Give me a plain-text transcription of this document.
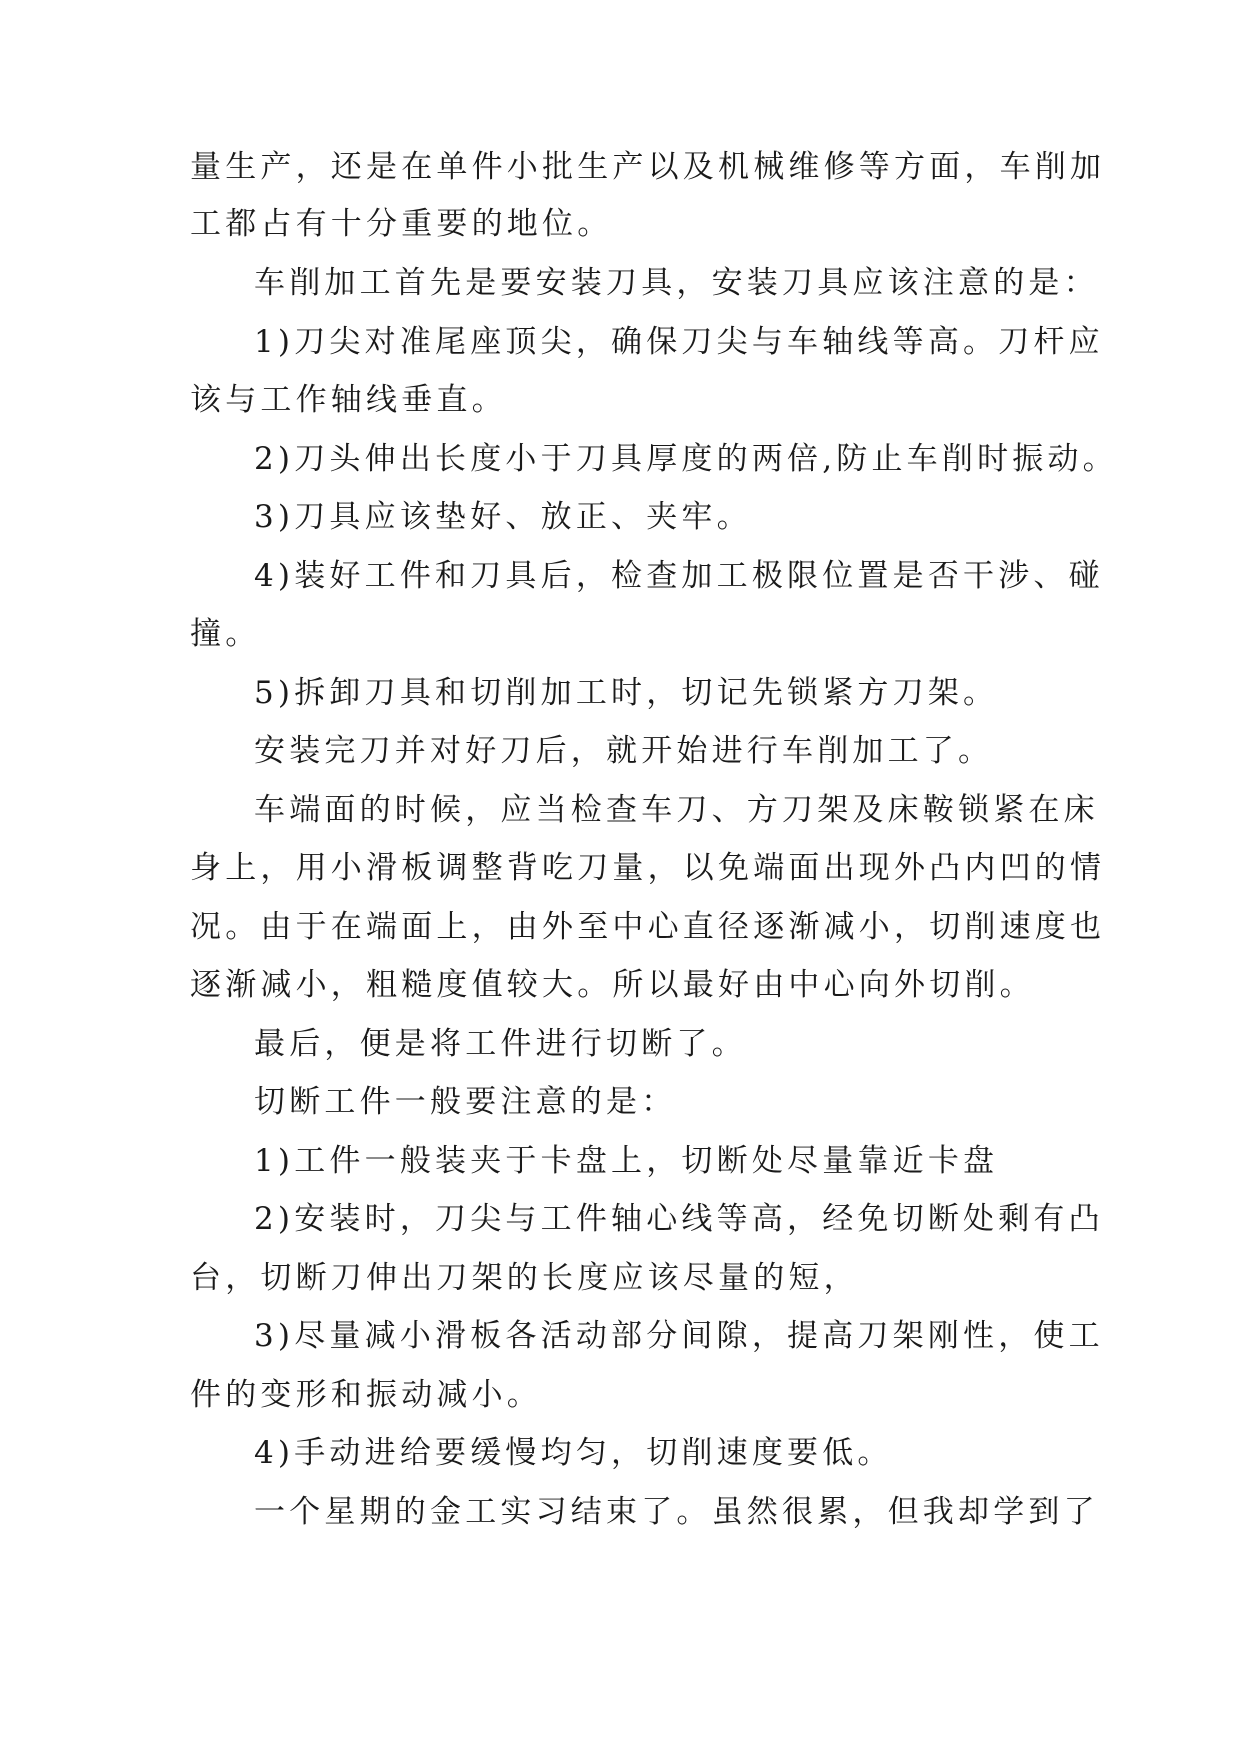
量生产，还是在单件小批生产以及机械维修等方面，车削加
工都占有十分重要的地位。
车削加工首先是要安装刀具，安装刀具应该注意的是：
1)刀尖对准尾座顶尖，确保刀尖与车轴线等高。刀杆应
该与工作轴线垂直。
2)刀头伸出长度小于刀具厚度的两倍,防止车削时振动。
3)刀具应该垫好、放正、夹牢。
4)装好工件和刀具后，检查加工极限位置是否干涉、碰
撞。
5)拆卸刀具和切削加工时，切记先锁紧方刀架。
安装完刀并对好刀后，就开始进行车削加工了。
车端面的时候，应当检查车刀、方刀架及床鞍锁紧在床
身上，用小滑板调整背吃刀量，以免端面出现外凸内凹的情
况。由于在端面上，由外至中心直径逐渐减小，切削速度也
逐渐减小，粗糙度值较大。所以最好由中心向外切削。
最后，便是将工件进行切断了。
切断工件一般要注意的是：
1)工件一般装夹于卡盘上，切断处尽量靠近卡盘
2)安装时，刀尖与工件轴心线等高，经免切断处剩有凸
台，切断刀伸出刀架的长度应该尽量的短，
3)尽量减小滑板各活动部分间隙，提高刀架刚性，使工
件的变形和振动减小。
4)手动进给要缓慢均匀，切削速度要低。
一个星期的金工实习结束了。虽然很累，但我却学到了
